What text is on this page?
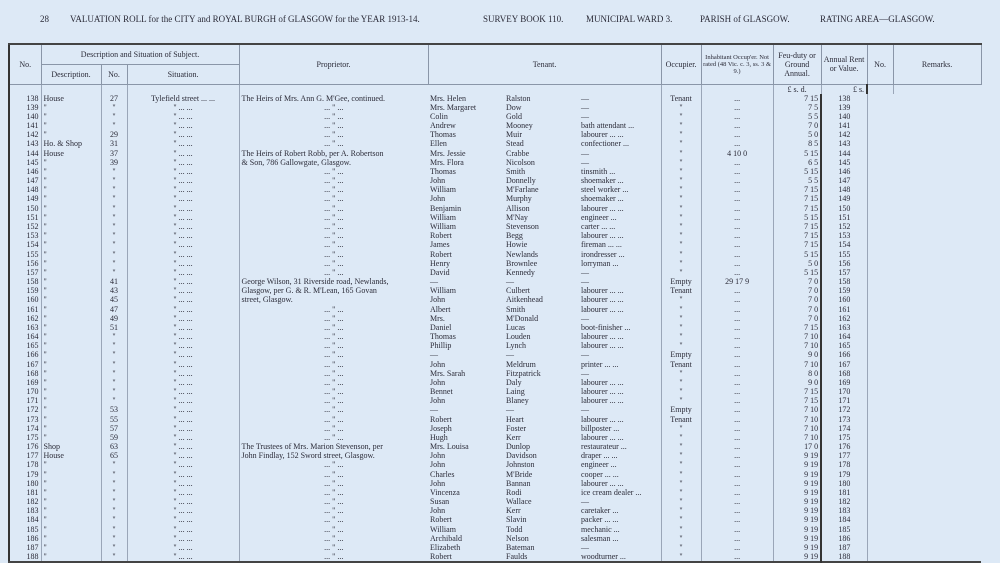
28 VALUATION ROLL for the CITY and ROYAL BURGH of GLASGOW for the YEAR 1913-14.	SURVEY BOOK 110.	MUNICIPAL WARD 3.	PARISH of GLASGOW.	RATING AREA—GLASGOW.
No.	Description and Situation of Subject.			Proprietor.	Tenant.			Occupier.	Inhabitant Occup'er. Not rated (48 Vic. c. 3, ss. 3 & 9.)	Feu-duty or Ground Annual.	Annual Rent or Value.	No.	Remarks.
	Description.	No.	Situation.										
										£ s. d.	£ s.		
138	House	27	Tylefield street ... ...	The Heirs of Mrs. Ann G. M'Gee, continued.	Mrs. Helen	Ralston	—	Tenant	...	7 15	138		
139	"	"	" ... ...	... " ...	Mrs. Margaret	Dow	—	"	...	7 5	139		
140	"	"	" ... ...	... " ...	Colin	Gold	—	"	...	5 5	140		
141	"	"	" ... ...	... " ...	Andrew	Mooney	bath attendant ...	"	...	7 0	141		
142	"	29	" ... ...	... " ...	Thomas	Muir	labourer ... ...	"	...	5 0	142		
143	Ho. & Shop	31	" ... ...	... " ...	Ellen	Stead	confectioner ...	"	...	8 5	143		
144	House	37	" ... ...	The Heirs of Robert Robb, per A. Robertson	Mrs. Jessie	Crabbe	—	"	4 10 0	5 15	144		
145	"	39	" ... ...	& Son, 786 Gallowgate, Glasgow.	Mrs. Flora	Nicolson	—	"	...	6 5	145		
146	"	"	" ... ...	... " ...	Thomas	Smith	tinsmith ...	"	...	5 15	146		
147	"	"	" ... ...	... " ...	John	Donnelly	shoemaker ...	"	...	5 5	147		
148	"	"	" ... ...	... " ...	William	M'Farlane	steel worker ...	"	...	7 15	148		
149	"	"	" ... ...	... " ...	John	Murphy	shoemaker ...	"	...	7 15	149		
150	"	"	" ... ...	... " ...	Benjamin	Allison	labourer ... ...	"	...	7 15	150		
151	"	"	" ... ...	... " ...	William	M'Nay	engineer ...	"	...	5 15	151		
152	"	"	" ... ...	... " ...	William	Stevenson	carter ... ...	"	...	7 15	152		
153	"	"	" ... ...	... " ...	Robert	Begg	labourer ... ...	"	...	7 15	153		
154	"	"	" ... ...	... " ...	James	Howie	fireman ... ...	"	...	7 15	154		
155	"	"	" ... ...	... " ...	Robert	Newlands	irondresser ...	"	...	5 15	155		
156	"	"	" ... ...	... " ...	Henry	Brownlee	lorryman ...	"	...	5 0	156		
157	"	"	" ... ...	... " ...	David	Kennedy	—	"	...	5 15	157		
158	"	41	" ... ...	George Wilson, 31 Riverside road, Newlands,	—	—	—	Empty	29 17 9	7 0	158		
159	"	43	" ... ...	Glasgow, per G. & R. M'Lean, 165 Govan	William	Culbert	labourer ... ...	Tenant	...	7 0	159		
160	"	45	" ... ...	street, Glasgow.	John	Aitkenhead	labourer ... ...	"	...	7 0	160		
161	"	47	" ... ...	... " ...	Albert	Smith	labourer ... ...	"	...	7 0	161		
162	"	49	" ... ...	... " ...	Mrs.	M'Donald	—	"	...	7 0	162		
163	"	51	" ... ...	... " ...	Daniel	Lucas	boot-finisher ...	"	...	7 15	163		
164	"	"	" ... ...	... " ...	Thomas	Louden	labourer ... ...	"	...	7 10	164		
165	"	"	" ... ...	... " ...	Phillip	Lynch	labourer ... ...	"	...	7 10	165		
166	"	"	" ... ...	... " ...	—	—	—	Empty	...	9 0	166		
167	"	"	" ... ...	... " ...	John	Meldrum	printer ... ...	Tenant	...	7 10	167		
168	"	"	" ... ...	... " ...	Mrs. Sarah	Fitzpatrick	—	"	...	8 0	168		
169	"	"	" ... ...	... " ...	John	Daly	labourer ... ...	"	...	9 0	169		
170	"	"	" ... ...	... " ...	Bennet	Laing	labourer ... ...	"	...	7 15	170		
171	"	"	" ... ...	... " ...	John	Blaney	labourer ... ...	"	...	7 15	171		
172	"	53	" ... ...	... " ...	—	—	—	Empty	...	7 10	172		
173	"	55	" ... ...	... " ...	Robert	Heart	labourer ... ...	Tenant	...	7 10	173		
174	"	57	" ... ...	... " ...	Joseph	Foster	billposter ...	"	...	7 10	174		
175	"	59	" ... ...	... " ...	Hugh	Kerr	labourer ... ...	"	...	7 10	175		
176	Shop	63	" ... ...	The Trustees of Mrs. Marion Stevenson, per	Mrs. Louisa	Dunlop	restaurateur ...	"	...	17 0	176		
177	House	65	" ... ...	John Findlay, 152 Sword street, Glasgow.	John	Davidson	draper ... ...	"	...	9 19	177		
178	"	"	" ... ...	... " ...	John	Johnston	engineer ...	"	...	9 19	178		
179	"	"	" ... ...	... " ...	Charles	M'Bride	cooper ... ...	"	...	9 19	179		
180	"	"	" ... ...	... " ...	John	Bannan	labourer ... ...	"	...	9 19	180		
181	"	"	" ... ...	... " ...	Vincenza	Rodi	ice cream dealer ...	"	...	9 19	181		
182	"	"	" ... ...	... " ...	Susan	Wallace	—	"	...	9 19	182		
183	"	"	" ... ...	... " ...	John	Kerr	caretaker ...	"	...	9 19	183		
184	"	"	" ... ...	... " ...	Robert	Slavin	packer ... ...	"	...	9 19	184		
185	"	"	" ... ...	... " ...	William	Todd	mechanic ...	"	...	9 19	185		
186	"	"	" ... ...	... " ...	Archibald	Nelson	salesman ...	"	...	9 19	186		
187	"	"	" ... ...	... " ...	Elizabeth	Bateman	—	"	...	9 19	187		
188	"	"	" ... ...	... " ...	Robert	Faulds	woodturner ...	"	...	9 19	188		
